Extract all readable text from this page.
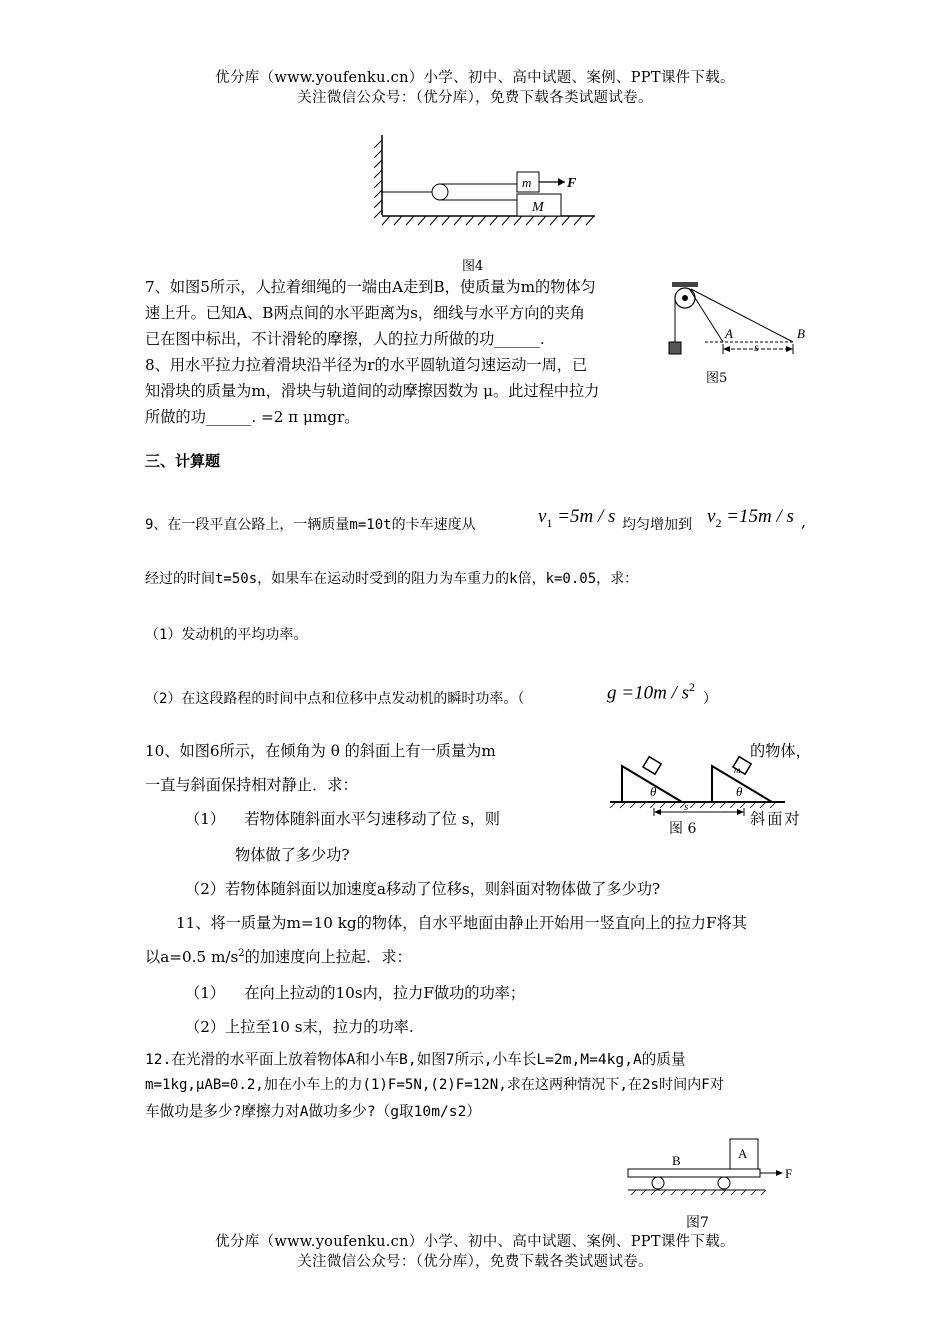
优分库（www.youfenku.cn）小学、初中、高中试题、案例、PPT课件下载。
关注微信公众号：（优分库），免费下载各类试题试卷。
m
M
F
图4
7、如图5所示，人拉着细绳的一端由A走到B，使质量为m的物体匀
速上升。已知A、B两点间的水平距离为s，细线与水平方向的夹角
已在图中标出，不计滑轮的摩擦，人的拉力所做的功______.	A	B
s
图5
8、用水平拉力拉着滑块沿半径为r的水平圆轨道匀速运动一周，已
知滑块的质量为m，滑块与轨道间的动摩擦因数为 μ。此过程中拉力
所做的功______. =2 π μmgr。
三、计算题
9、在一段平直公路上，一辆质量m=10t的卡车速度从	$v_1 =5m / s$ 均匀增加到 $v_2 =15m / s$ ,
经过的时间t=50s，如果车在运动时受到的阻力为车重力的k倍，k=0.05，求：
（1）发动机的平均功率。
（2）在这段路程的时间中点和位移中点发动机的瞬时功率。（	$g =10m / s^2$
）
10、如图6所示，在倾角为 θ 的斜面上有一质量为m	的物体，
一直与斜面保持相对静止．求：	θ
m
θ
s
图 6
（1）    若物体随斜面水平匀速移动了位 s，则	斜面对
物体做了多少功?
（2）若物体随斜面以加速度a移动了位移s，则斜面对物体做了多少功?
11、将一质量为m=10 kg的物体，自水平地面由静止开始用一竖直向上的拉力F将其
以a=0.5 $m/s^2$的加速度向上拉起．求：
（1）    在向上拉动的10s内，拉力F做功的功率；
（2）上拉至10 s末，拉力的功率.
12.在光滑的水平面上放着物体A和小车B,如图7所示,小车长L=2m,M=4kg,A的质量
m=1kg,μAB=0.2,加在小车上的力(1)F=5N,(2)F=12N,求在这两种情况下,在2s时间内F对
车做功是多少?摩擦力对A做功多少?（g取10m/s2）
A
B
F
图7
优分库（www.youfenku.cn）小学、初中、高中试题、案例、PPT课件下载。
关注微信公众号：（优分库），免费下载各类试题试卷。
